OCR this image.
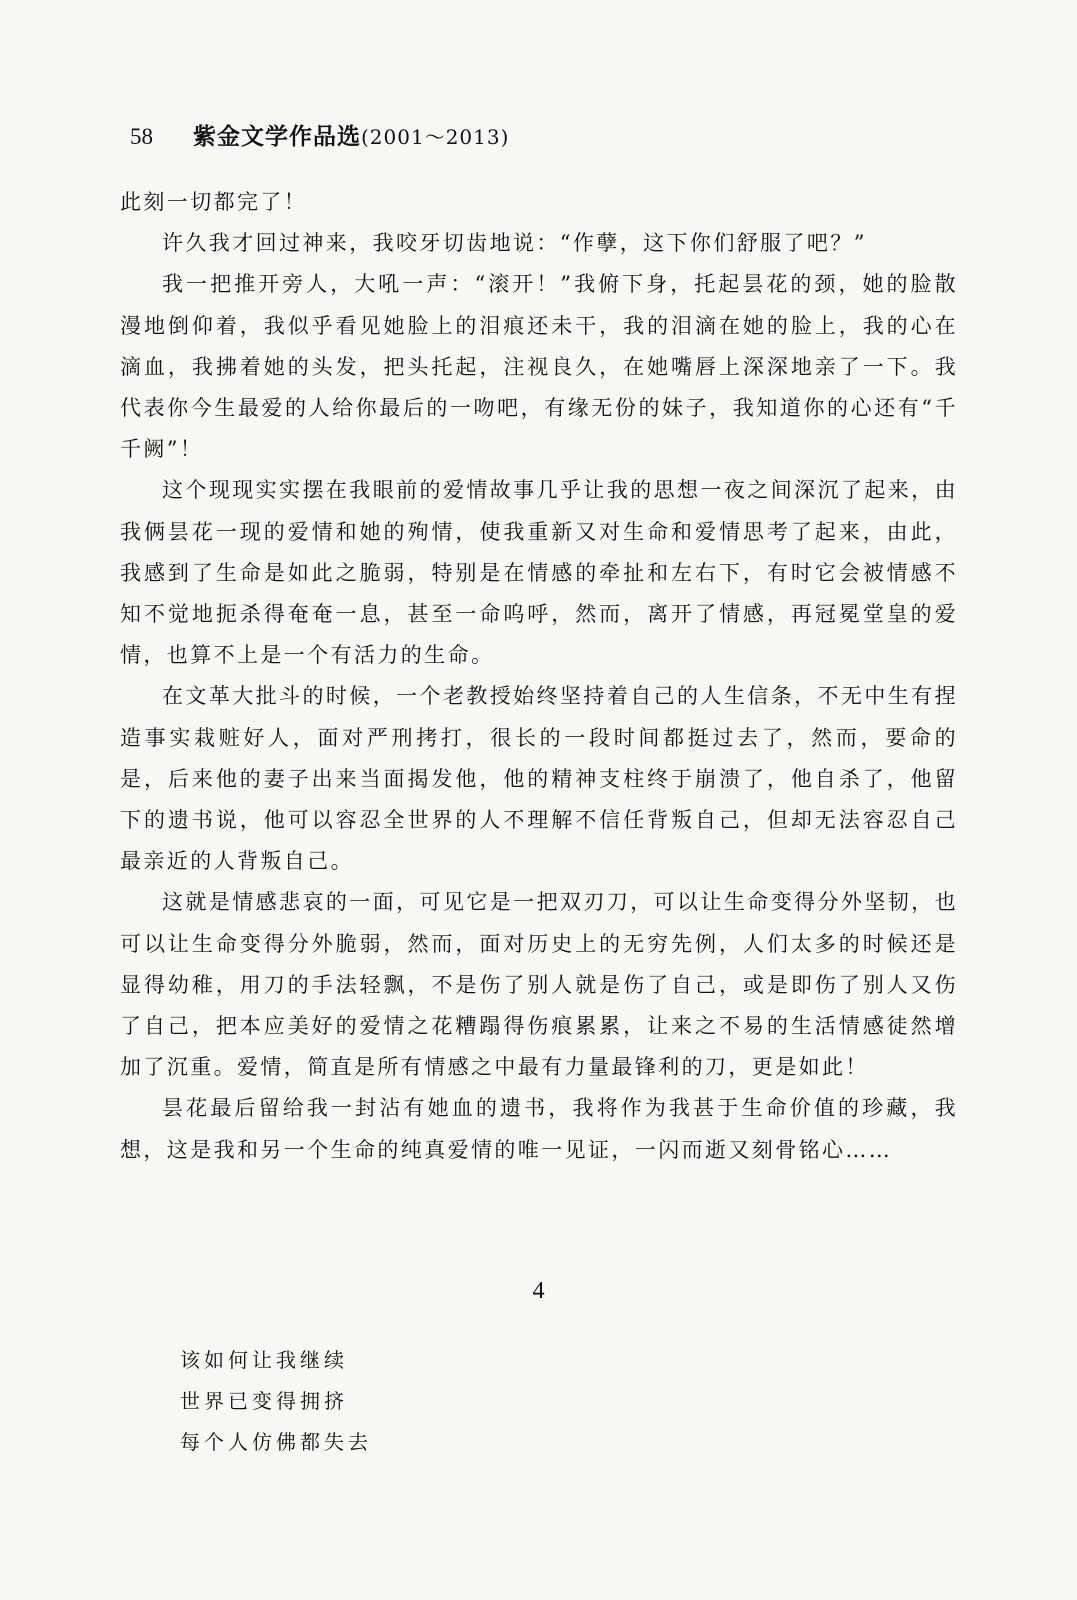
58 紫金文学作品选 (2001～2013)

此刻一切都完了！

许久我才回过神来，我咬牙切齿地说：“作孽，这下你们舒服了吧？”

我一把推开旁人，大吼一声：“滚开！”我俯下身，托起昙花的颈，她的脸散漫地倒仰着，我似乎看见她脸上的泪痕还未干，我的泪滴在她的脸上，我的心在滴血，我拂着她的头发，把头托起，注视良久，在她嘴唇上深深地亲了一下。我代表你今生最爱的人给你最后的一吻吧，有缘无份的妹子，我知道你的心还有“千千阙”！

这个现现实实摆在我眼前的爱情故事几乎让我的思想一夜之间深沉了起来，由我俩昙花一现的爱情和她的殉情，使我重新又对生命和爱情思考了起来，由此，我感到了生命是如此之脆弱，特别是在情感的牵扯和左右下，有时它会被情感不知不觉地扼杀得奄奄一息，甚至一命呜呼，然而，离开了情感，再冠冕堂皇的爱情，也算不上是一个有活力的生命。

在文革大批斗的时候，一个老教授始终坚持着自己的人生信条，不无中生有捏造事实栽赃好人，面对严刑拷打，很长的一段时间都挺过去了，然而，要命的是，后来他的妻子出来当面揭发他，他的精神支柱终于崩溃了，他自杀了，他留下的遗书说，他可以容忍全世界的人不理解不信任背叛自己，但却无法容忍自己最亲近的人背叛自己。

这就是情感悲哀的一面，可见它是一把双刃刀，可以让生命变得分外坚韧，也可以让生命变得分外脆弱，然而，面对历史上的无穷先例，人们太多的时候还是显得幼稚，用刀的手法轻飘，不是伤了别人就是伤了自己，或是即伤了别人又伤了自己，把本应美好的爱情之花糟蹋得伤痕累累，让来之不易的生活情感徒然增加了沉重。爱情，简直是所有情感之中最有力量最锋利的刀，更是如此！

昙花最后留给我一封沾有她血的遗书，我将作为我甚于生命价值的珍藏，我想，这是我和另一个生命的纯真爱情的唯一见证，一闪而逝又刻骨铭心……

4
该如何让我继续
世界已变得拥挤
每个人仿佛都失去
